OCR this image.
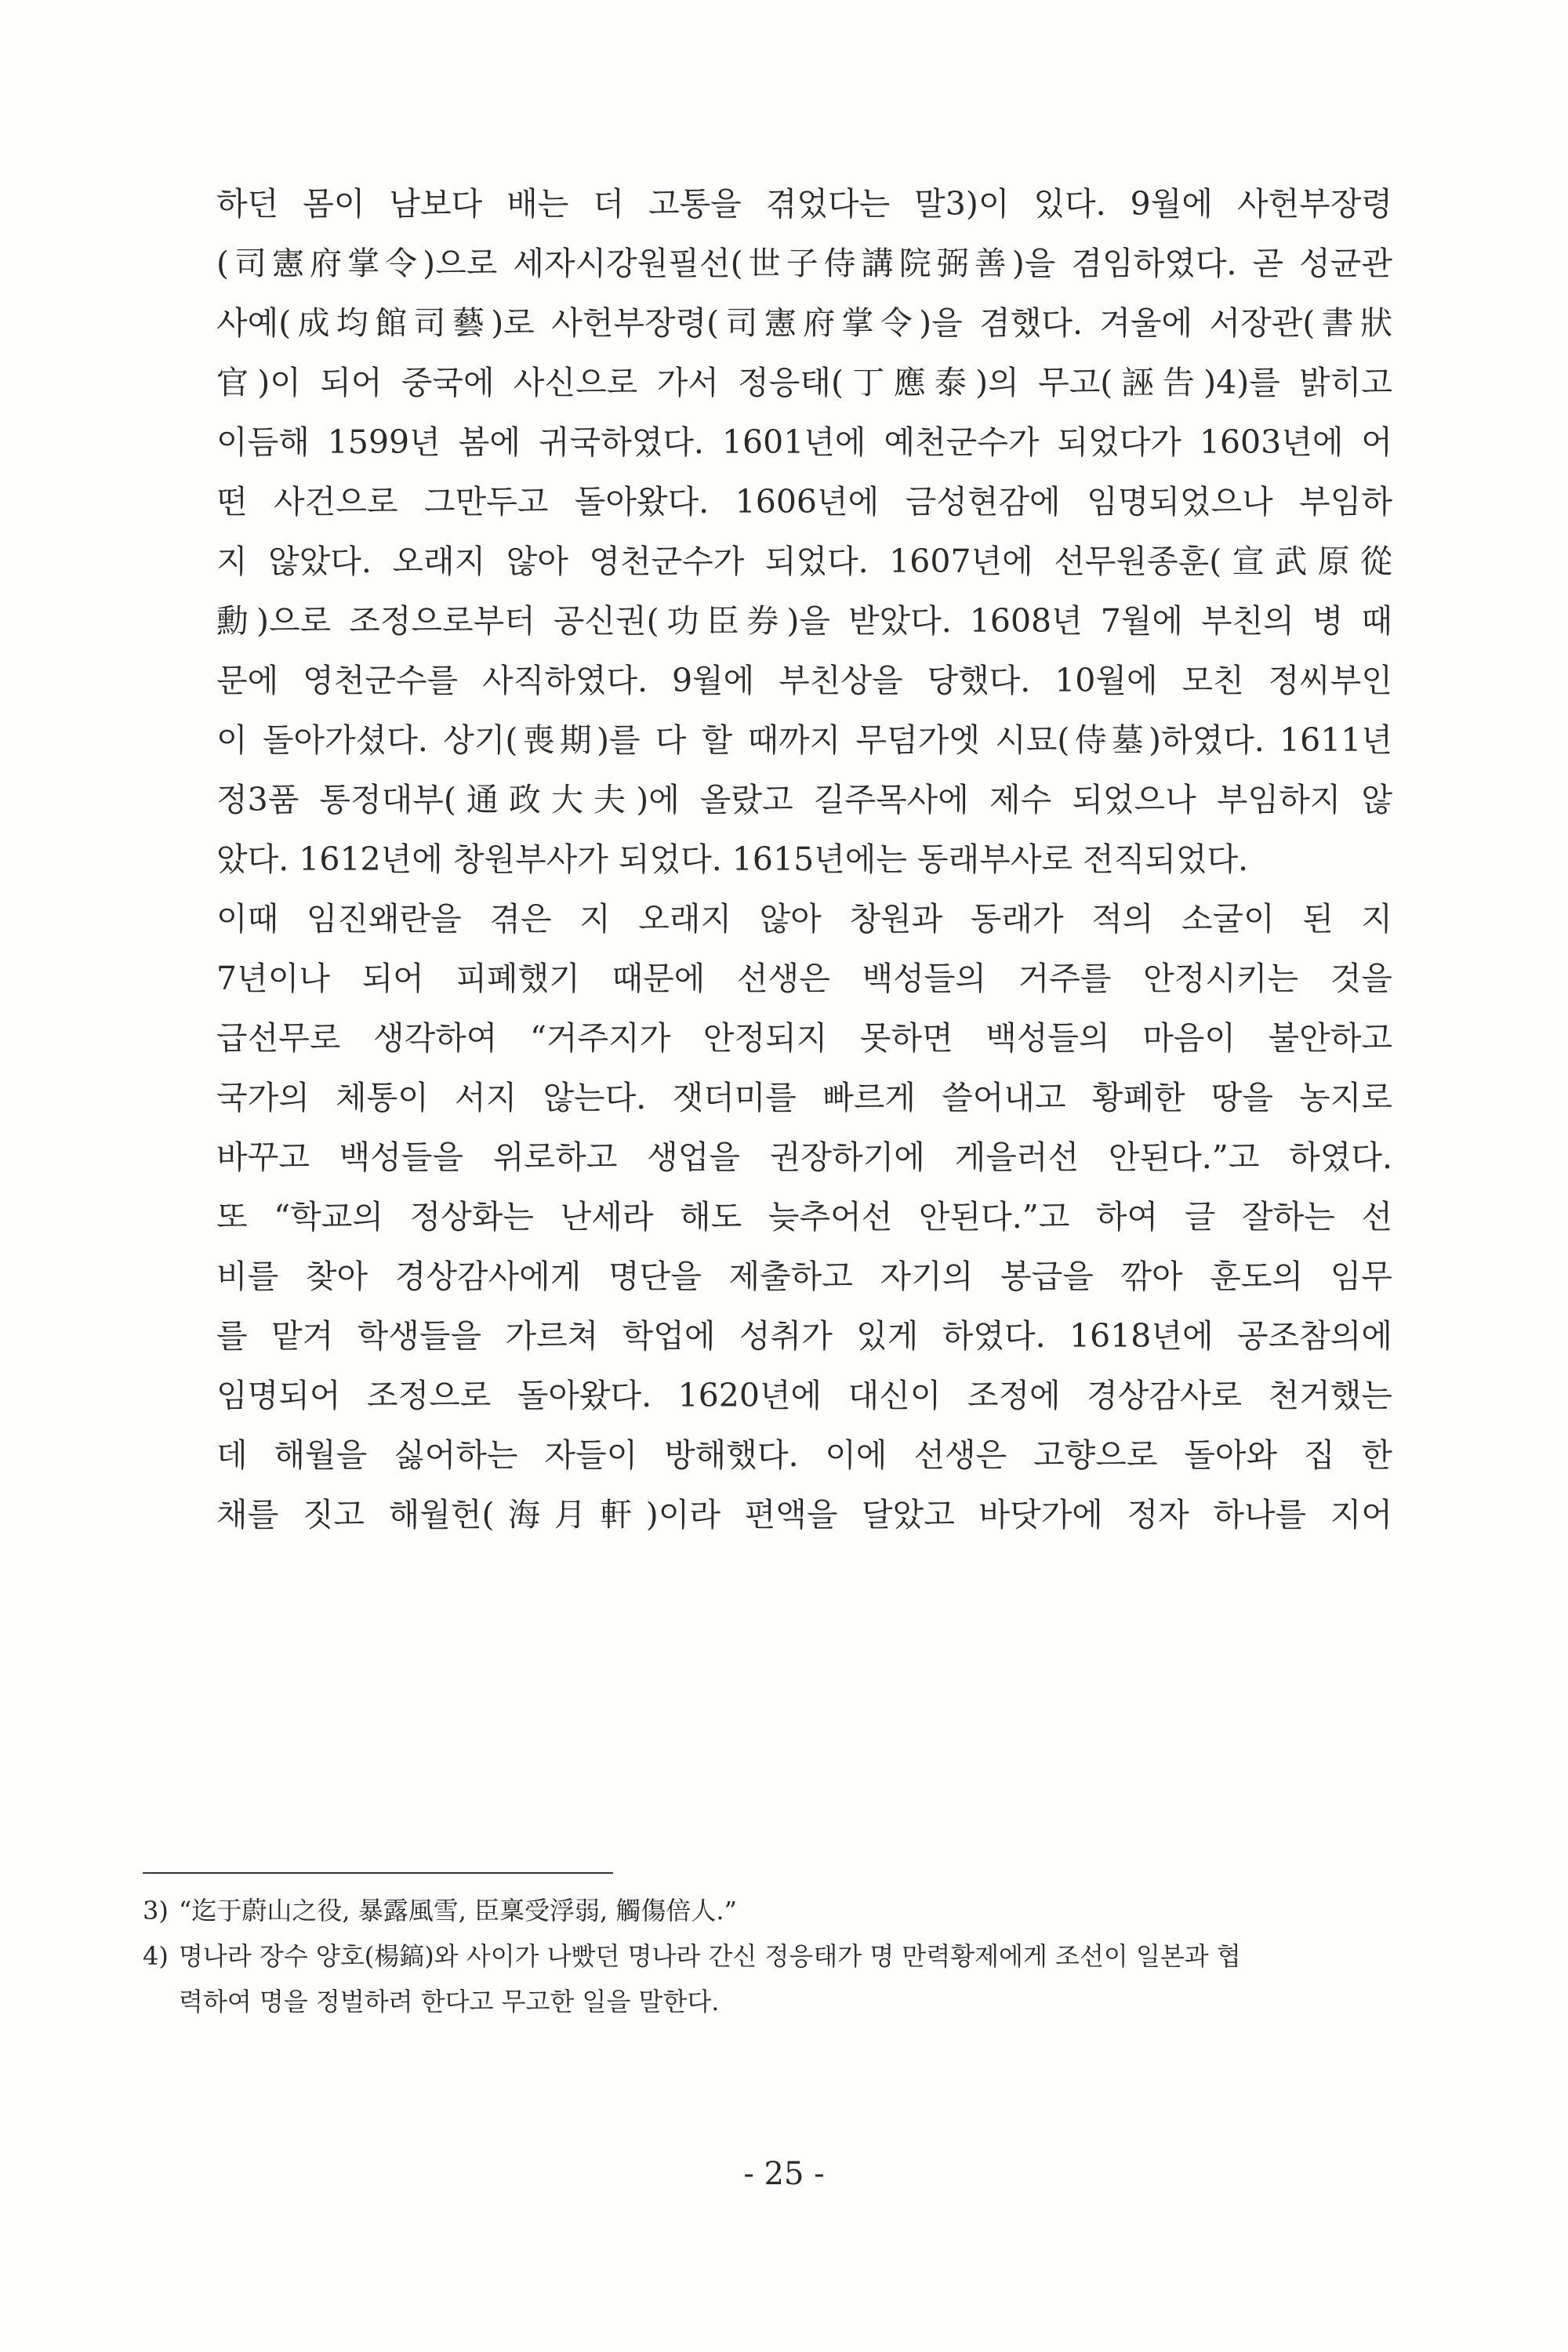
하던 몸이 남보다 배는 더 고통을 겪었다는 말3)이 있다. 9월에 사헌부장령
(司憲府掌令)으로 세자시강원필선(世子侍講院弼善)을 겸임하였다. 곧 성균관
사예(成均館司藝)로 사헌부장령(司憲府掌令)을 겸했다. 겨울에 서장관(書狀
官)이 되어 중국에 사신으로 가서 정응태(丁應泰)의 무고(誣告)4)를 밝히고
이듬해 1599년 봄에 귀국하였다. 1601년에 예천군수가 되었다가 1603년에 어
떤 사건으로 그만두고 돌아왔다. 1606년에 금성현감에 임명되었으나 부임하
지 않았다. 오래지 않아 영천군수가 되었다. 1607년에 선무원종훈(宣武原從
勳)으로 조정으로부터 공신권(功臣券)을 받았다. 1608년 7월에 부친의 병 때
문에 영천군수를 사직하였다. 9월에 부친상을 당했다. 10월에 모친 정씨부인
이 돌아가셨다. 상기(喪期)를 다 할 때까지 무덤가엣 시묘(侍墓)하였다. 1611년
정3품 통정대부(通政大夫)에 올랐고 길주목사에 제수 되었으나 부임하지 않
았다. 1612년에 창원부사가 되었다. 1615년에는 동래부사로 전직되었다.
이때 임진왜란을 겪은 지 오래지 않아 창원과 동래가 적의 소굴이 된 지
7년이나 되어 피폐했기 때문에 선생은 백성들의 거주를 안정시키는 것을
급선무로 생각하여 “거주지가 안정되지 못하면 백성들의 마음이 불안하고
국가의 체통이 서지 않는다. 잿더미를 빠르게 쓸어내고 황폐한 땅을 농지로
바꾸고 백성들을 위로하고 생업을 권장하기에 게을러선 안된다.”고 하였다.
또 “학교의 정상화는 난세라 해도 늦추어선 안된다.”고 하여 글 잘하는 선
비를 찾아 경상감사에게 명단을 제출하고 자기의 봉급을 깎아 훈도의 임무
를 맡겨 학생들을 가르쳐 학업에 성취가 있게 하였다. 1618년에 공조참의에
임명되어 조정으로 돌아왔다. 1620년에 대신이 조정에 경상감사로 천거했는
데 해월을 싫어하는 자들이 방해했다. 이에 선생은 고향으로 돌아와 집 한
채를 짓고 해월헌(海月軒)이라 편액을 달았고 바닷가에 정자 하나를 지어
3) “迄于蔚山之役, 暴露風雪, 臣稟受浮弱, 觸傷倍人.”
4) 명나라 장수 양호(楊鎬)와 사이가 나빴던 명나라 간신 정응태가 명 만력황제에게 조선이 일본과 협
력하여 명을 정벌하려 한다고 무고한 일을 말한다.
- 25 -
